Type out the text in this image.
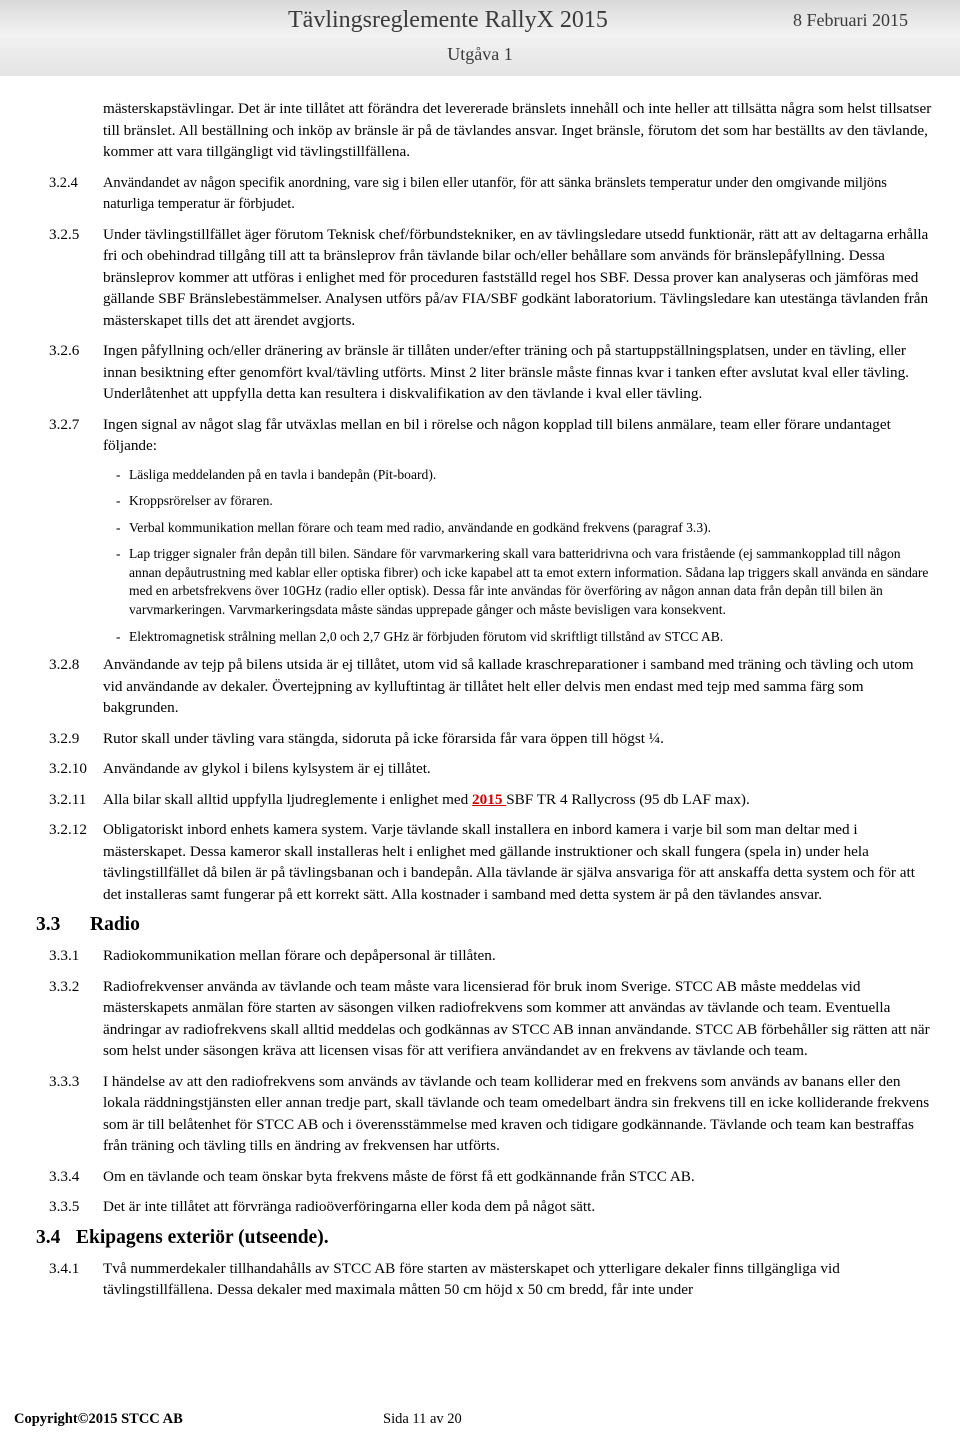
Tävlingsreglemente RallyX 2015	8 Februari 2015
Utgåva 1

mästerskapstävlingar. Det är inte tillåtet att förändra det levererade bränslets innehåll och inte heller att tillsätta några som helst tillsatser till bränslet. All beställning och inköp av bränsle är på de tävlandes ansvar. Inget bränsle, förutom det som har beställts av den tävlande, kommer att vara tillgängligt vid tävlingstillfällena.

3.2.4 Användandet av någon specifik anordning, vare sig i bilen eller utanför, för att sänka bränslets temperatur under den omgivande miljöns naturliga temperatur är förbjudet.
3.2.5 Under tävlingstillfället äger förutom Teknisk chef/förbundstekniker, en av tävlingsledare utsedd funktionär, rätt att av deltagarna erhålla fri och obehindrad tillgång till att ta bränsleprov från tävlande bilar och/eller behållare som används för bränslepåfyllning. Dessa bränsleprov kommer att utföras i enlighet med för proceduren fastställd regel hos SBF. Dessa prover kan analyseras och jämföras med gällande SBF Bränslebestämmelser. Analysen utförs på/av FIA/SBF godkänt laboratorium. Tävlingsledare kan utestänga tävlanden från mästerskapet tills det att ärendet avgjorts.
3.2.6 Ingen påfyllning och/eller dränering av bränsle är tillåten under/efter träning och på startuppställningsplatsen, under en tävling, eller innan besiktning efter genomfört kval/tävling utförts. Minst 2 liter bränsle måste finnas kvar i tanken efter avslutat kval eller tävling. Underlåtenhet att uppfylla detta kan resultera i diskvalifikation av den tävlande i kval eller tävling.
3.2.7 Ingen signal av något slag får utväxlas mellan en bil i rörelse och någon kopplad till bilens anmälare, team eller förare undantaget följande:
- Läsliga meddelanden på en tavla i bandepån (Pit-board).
- Kroppsrörelser av föraren.
- Verbal kommunikation mellan förare och team med radio, användande en godkänd frekvens (paragraf 3.3).
- Lap trigger signaler från depån till bilen. Sändare för varvmarkering skall vara batteridrivna och vara fristående (ej sammankopplad till någon annan depåutrustning med kablar eller optiska fibrer) och icke kapabel att ta emot extern information. Sådana lap triggers skall använda en sändare med en arbetsfrekvens över 10GHz (radio eller optisk). Dessa får inte användas för överföring av någon annan data från depån till bilen än varvmarkeringen. Varvmarkeringsdata måste sändas upprepade gånger och måste bevisligen vara konsekvent.
- Elektromagnetisk strålning mellan 2,0 och 2,7 GHz är förbjuden förutom vid skriftligt tillstånd av STCC AB.
3.2.8 Användande av tejp på bilens utsida är ej tillåtet, utom vid så kallade kraschreparationer i samband med träning och tävling och utom vid användande av dekaler. Övertejpning av kylluftintag är tillåtet helt eller delvis men endast med tejp med samma färg som bakgrunden.
3.2.9 Rutor skall under tävling vara stängda, sidoruta på icke förarsida får vara öppen till högst ¼.
3.2.10 Användande av glykol i bilens kylsystem är ej tillåtet.
3.2.11 Alla bilar skall alltid uppfylla ljudreglemente i enlighet med 2015 SBF TR 4 Rallycross (95 db LAF max).
3.2.12 Obligatoriskt inbord enhets kamera system. Varje tävlande skall installera en inbord kamera i varje bil som man deltar med i mästerskapet. Dessa kameror skall installeras helt i enlighet med gällande instruktioner och skall fungera (spela in) under hela tävlingstillfället då bilen är på tävlingsbanan och i bandepån. Alla tävlande är själva ansvariga för att anskaffa detta system och för att det installeras samt fungerar på ett korrekt sätt. Alla kostnader i samband med detta system är på den tävlandes ansvar.
3.3 Radio
3.3.1 Radiokommunikation mellan förare och depåpersonal är tillåten.
3.3.2 Radiofrekvenser använda av tävlande och team måste vara licensierad för bruk inom Sverige. STCC AB måste meddelas vid mästerskapets anmälan före starten av säsongen vilken radiofrekvens som kommer att användas av tävlande och team. Eventuella ändringar av radiofrekvens skall alltid meddelas och godkännas av STCC AB innan användande. STCC AB förbehåller sig rätten att när som helst under säsongen kräva att licensen visas för att verifiera användandet av en frekvens av tävlande och team.
3.3.3 I händelse av att den radiofrekvens som används av tävlande och team kolliderar med en frekvens som används av banans eller den lokala räddningstjänsten eller annan tredje part, skall tävlande och team omedelbart ändra sin frekvens till en icke kolliderande frekvens som är till belåtenhet för STCC AB och i överensstämmelse med kraven och tidigare godkännande. Tävlande och team kan bestraffas från träning och tävling tills en ändring av frekvensen har utförts.
3.3.4 Om en tävlande och team önskar byta frekvens måste de först få ett godkännande från STCC AB.
3.3.5 Det är inte tillåtet att förvränga radioöverföringarna eller koda dem på något sätt.
3.4 Ekipagens exteriör (utseende).
3.4.1 Två nummerdekaler tillhandahålls av STCC AB före starten av mästerskapet och ytterligare dekaler finns tillgängliga vid tävlingstillfällena. Dessa dekaler med maximala måtten 50 cm höjd x 50 cm bredd, får inte under
Copyright©2015 STCC AB	Sida 11 av 20
